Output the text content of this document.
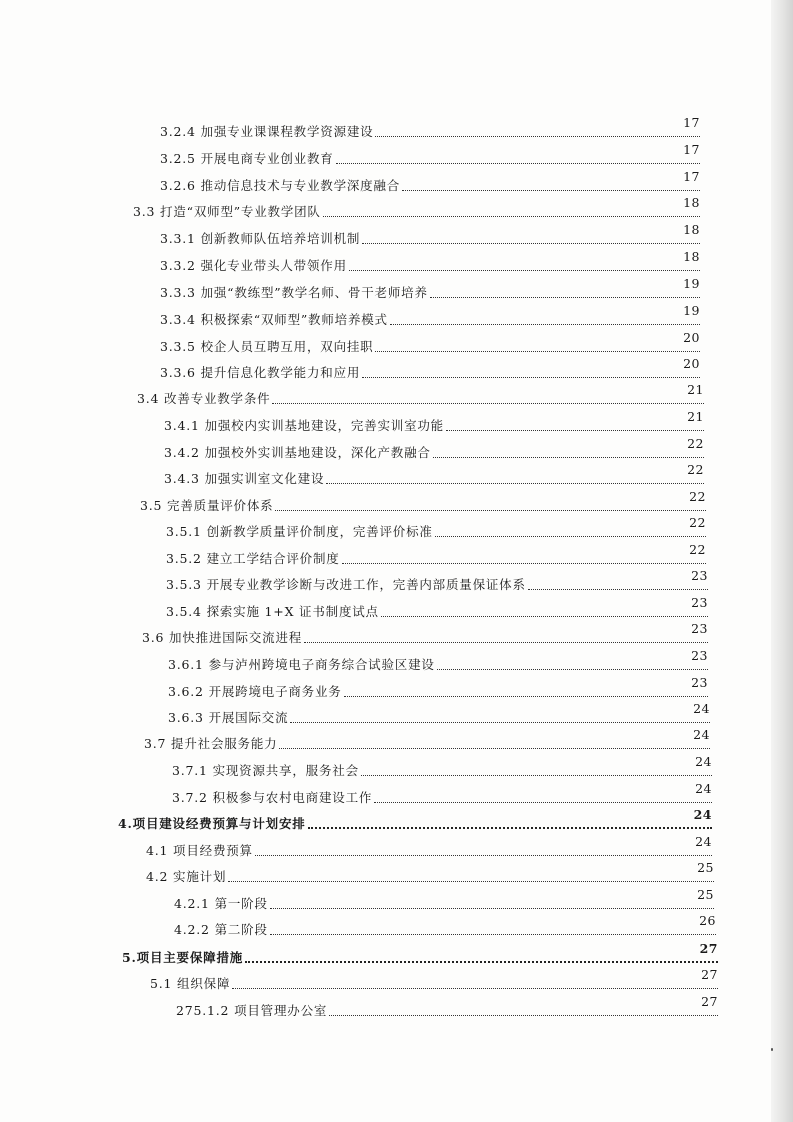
3.2.4 加强专业课课程教学资源建设
17
3.2.5 开展电商专业创业教育
17
3.2.6 推动信息技术与专业教学深度融合
17
3.3 打造“双师型”专业教学团队
18
3.3.1 创新教师队伍培养培训机制
18
3.3.2 强化专业带头人带领作用
18
3.3.3 加强“教练型”教学名师、骨干老师培养
19
3.3.4 积极探索“双师型”教师培养模式
19
3.3.5 校企人员互聘互用，双向挂职
20
3.3.6 提升信息化教学能力和应用
20
3.4 改善专业教学条件
21
3.4.1 加强校内实训基地建设，完善实训室功能
21
3.4.2 加强校外实训基地建设，深化产教融合
22
3.4.3 加强实训室文化建设
22
3.5 完善质量评价体系
22
3.5.1 创新教学质量评价制度，完善评价标准
22
3.5.2 建立工学结合评价制度
22
3.5.3 开展专业教学诊断与改进工作，完善内部质量保证体系
23
3.5.4 探索实施 1+X 证书制度试点
23
3.6 加快推进国际交流进程
23
3.6.1 参与泸州跨境电子商务综合试验区建设
23
3.6.2 开展跨境电子商务业务
23
3.6.3 开展国际交流
24
3.7 提升社会服务能力
24
3.7.1 实现资源共享，服务社会
24
3.7.2 积极参与农村电商建设工作
24
4.项目建设经费预算与计划安排
24
4.1 项目经费预算
24
4.2 实施计划
25
4.2.1 第一阶段
25
4.2.2 第二阶段
26
5.项目主要保障措施
27
5.1 组织保障
27
275.1.2 项目管理办公室
27
